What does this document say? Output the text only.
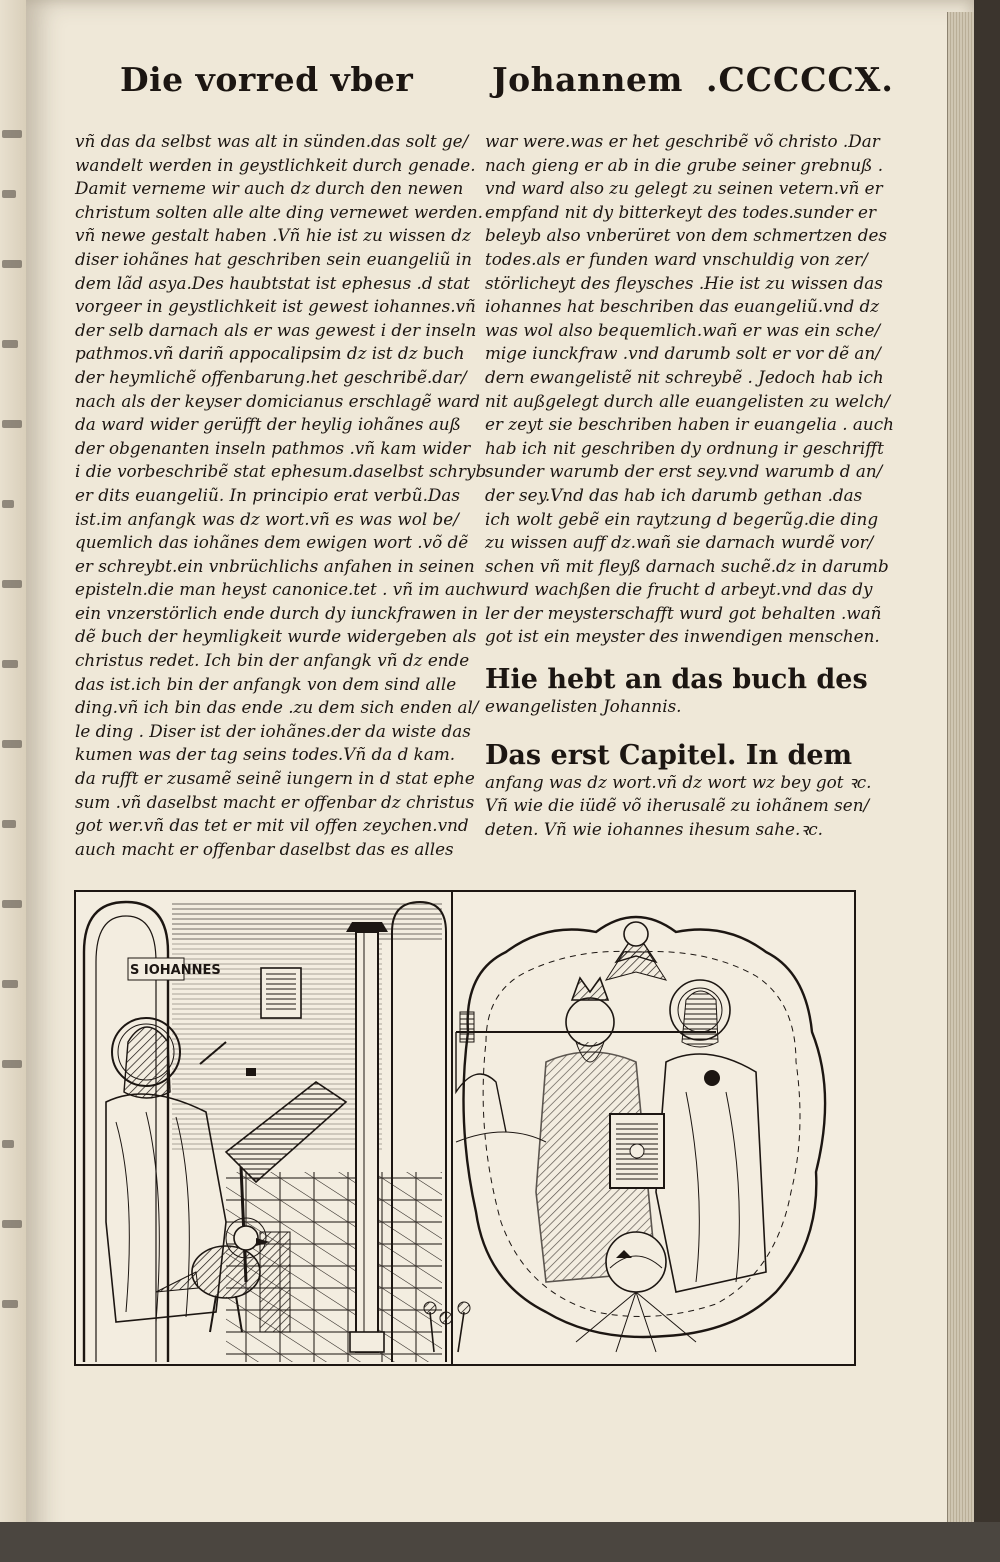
Die vorred vber Johannem .CCCCCX.
vñ das da selbst was alt in sünden.das solt ge/
wandelt werden in geystlichkeit durch genade.
Damit verneme wir auch dz durch den newen
christum solten alle alte ding vernewet werden.
vñ newe gestalt haben .Vñ hie ist zu wissen dz
diser iohãnes hat geschriben sein euangeliũ in
dem lãd asya.Des haubtstat ist ephesus .d stat
vorgeer in geystlichkeit ist gewest iohannes.vñ
der selb darnach als er was gewest i der inseln
pathmos.vñ dariñ appocalipsim dz ist dz buch
der heymlichẽ offenbarung.het geschribẽ.dar/
nach als der keyser domicianus erschlagẽ ward
da ward wider gerüfft der heylig iohãnes auß
der obgenanten inseln pathmos .vñ kam wider
i die vorbeschribẽ stat ephesum.daselbst schryb
er dits euangeliũ. In principio erat verbũ.Das
ist.im anfangk was dz wort.vñ es was wol be/
quemlich das iohãnes dem ewigen wort .võ dẽ
er schreybt.ein vnbrüchlichs anfahen in seinen
episteln.die man heyst canonice.tet . vñ im auch
ein vnzerstörlich ende durch dy iunckfrawen in
dẽ buch der heymligkeit wurde widergeben als
christus redet. Ich bin der anfangk vñ dz ende
das ist.ich bin der anfangk von dem sind alle
ding.vñ ich bin das ende .zu dem sich enden al/
le ding . Diser ist der iohãnes.der da wiste das
kumen was der tag seins todes.Vñ da d kam.
da rufft er zusamẽ seinẽ iungern in d stat ephe
sum .vñ daselbst macht er offenbar dz christus
got wer.vñ das tet er mit vil offen zeychen.vnd
auch macht er offenbar daselbst das es alles
war were.was er het geschribẽ võ christo .Dar
nach gieng er ab in die grube seiner grebnuß .
vnd ward also zu gelegt zu seinen vetern.vñ er
empfand nit dy bitterkeyt des todes.sunder er
beleyb also vnberüret von dem schmertzen des
todes.als er funden ward vnschuldig von zer/
störlicheyt des fleysches .Hie ist zu wissen das
iohannes hat beschriben das euangeliũ.vnd dz
was wol also bequemlich.wañ er was ein sche/
mige iunckfraw .vnd darumb solt er vor dẽ an/
dern ewangelistẽ nit schreybẽ . Jedoch hab ich
nit außgelegt durch alle euangelisten zu welch/
er zeyt sie beschriben haben ir euangelia . auch
hab ich nit geschriben dy ordnung ir geschrifft
sunder warumb der erst sey.vnd warumb d an/
der sey.Vnd das hab ich darumb gethan .das
ich wolt gebẽ ein raytzung d begerũg.die ding
zu wissen auff dz.wañ sie darnach wurdẽ vor/
schen vñ mit fleyß darnach suchẽ.dz in darumb
wurd wachßen die frucht d arbeyt.vnd das dy
ler der meysterschafft wurd got behalten .wañ
got ist ein meyster des inwendigen menschen.
Hie hebt an das buch des
ewangelisten Johannis.
Das erst Capitel. In dem
anfang was dz wort.vñ dz wort wz bey got ꝛc.
Vñ wie die iüdẽ võ iherusalẽ zu iohãnem sen/
deten. Vñ wie iohannes ihesum sahe.ꝛc.
S IOHANNES
